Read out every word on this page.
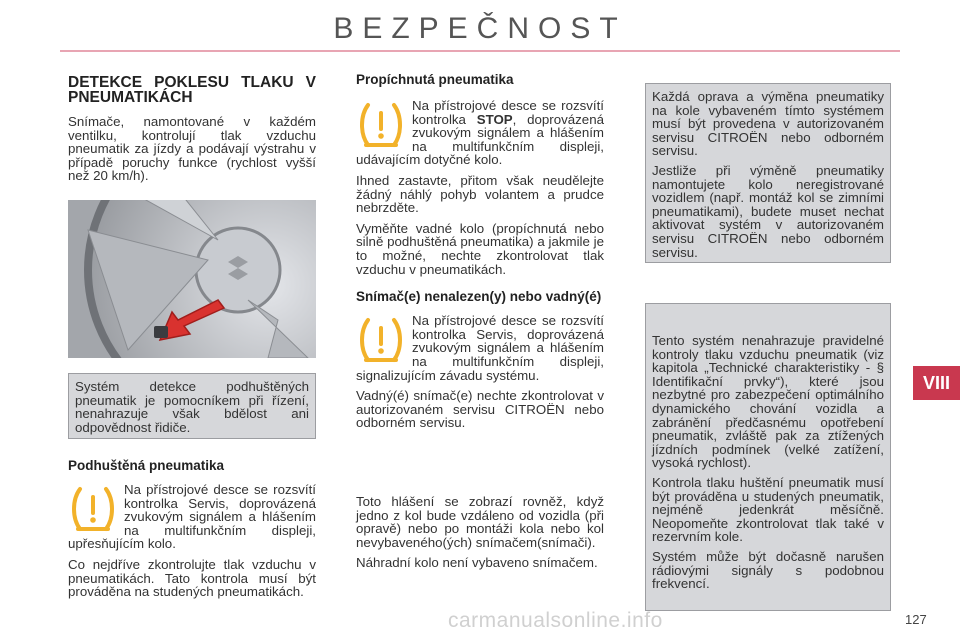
BEZPEČNOST
DETEKCE POKLESU TLAKU V PNEUMATIKÁCH

Snímače, namontované v každém ventilku, kontrolují tlak vzduchu pneumatik za jízdy a podávají výstrahu v případě poruchy funkce (rychlost vyšší než 20 km/h).

Systém detekce podhuštěných pneumatik je pomocníkem při řízení, nenahrazuje však bdělost ani odpovědnost řidiče.

Podhuštěná pneumatika

Na přístrojové desce se rozsvítí kontrolka Servis, doprovázená zvukovým signálem a hlášením na multifunkčním displeji, upřesňujícím kolo.

Co nejdříve zkontrolujte tlak vzduchu v pneumatikách. Tato kontrola musí být prováděna na studených pneumatikách.

Propíchnutá pneumatika

Na přístrojové desce se rozsvítí kontrolka STOP, doprovázená zvukovým signálem a hlášením na multifunkčním displeji, udávajícím dotyčné kolo.

Ihned zastavte, přitom však neudělejte žádný náhlý pohyb volantem a prudce nebrzděte.

Vyměňte vadné kolo (propíchnutá nebo silně podhuštěná pneumatika) a jakmile je to možné, nechte zkontrolovat tlak vzduchu v pneumatikách.

Snímač(e) nenalezen(y) nebo vadný(é)

Na přístrojové desce se rozsvítí kontrolka Servis, doprovázená zvukovým signálem a hlášením na multifunkčním displeji, signalizujícím závadu systému.

Vadný(é) snímač(e) nechte zkontrolovat v autorizovaném servisu CITROËN nebo odborném servisu.

Toto hlášení se zobrazí rovněž, když jedno z kol bude vzdáleno od vozidla (při opravě) nebo po montáži kola nebo kol nevybaveného(ých) snímačem(snímači).

Náhradní kolo není vybaveno snímačem.

Každá oprava a výměna pneumatiky na kole vybaveném tímto systémem musí být provedena v autorizovaném servisu CITROËN nebo odborném servisu.

Jestliže při výměně pneumatiky namontujete kolo neregistrované vozidlem (např. montáž kol se zimními pneumatikami), budete muset nechat aktivovat systém v autorizovaném servisu CITROËN nebo odborném servisu.

Tento systém nenahrazuje pravidelné kontroly tlaku vzduchu pneumatik (viz kapitola „Technické charakteristiky - § Identifikační prvky“), které jsou nezbytné pro zabezpečení optimálního dynamického chování vozidla a zabránění předčasnému opotřebení pneumatik, zvláště pak za ztížených jízdních podmínek (velké zatížení, vysoká rychlost).

Kontrola tlaku huštění pneumatik musí být prováděna u studených pneumatik, nejméně jedenkrát měsíčně. Neopomeňte zkontrolovat tlak také v rezervním kole.

Systém může být dočasně narušen rádiovými signály s podobnou frekvencí.

VIII
carmanualsonline.info	127
